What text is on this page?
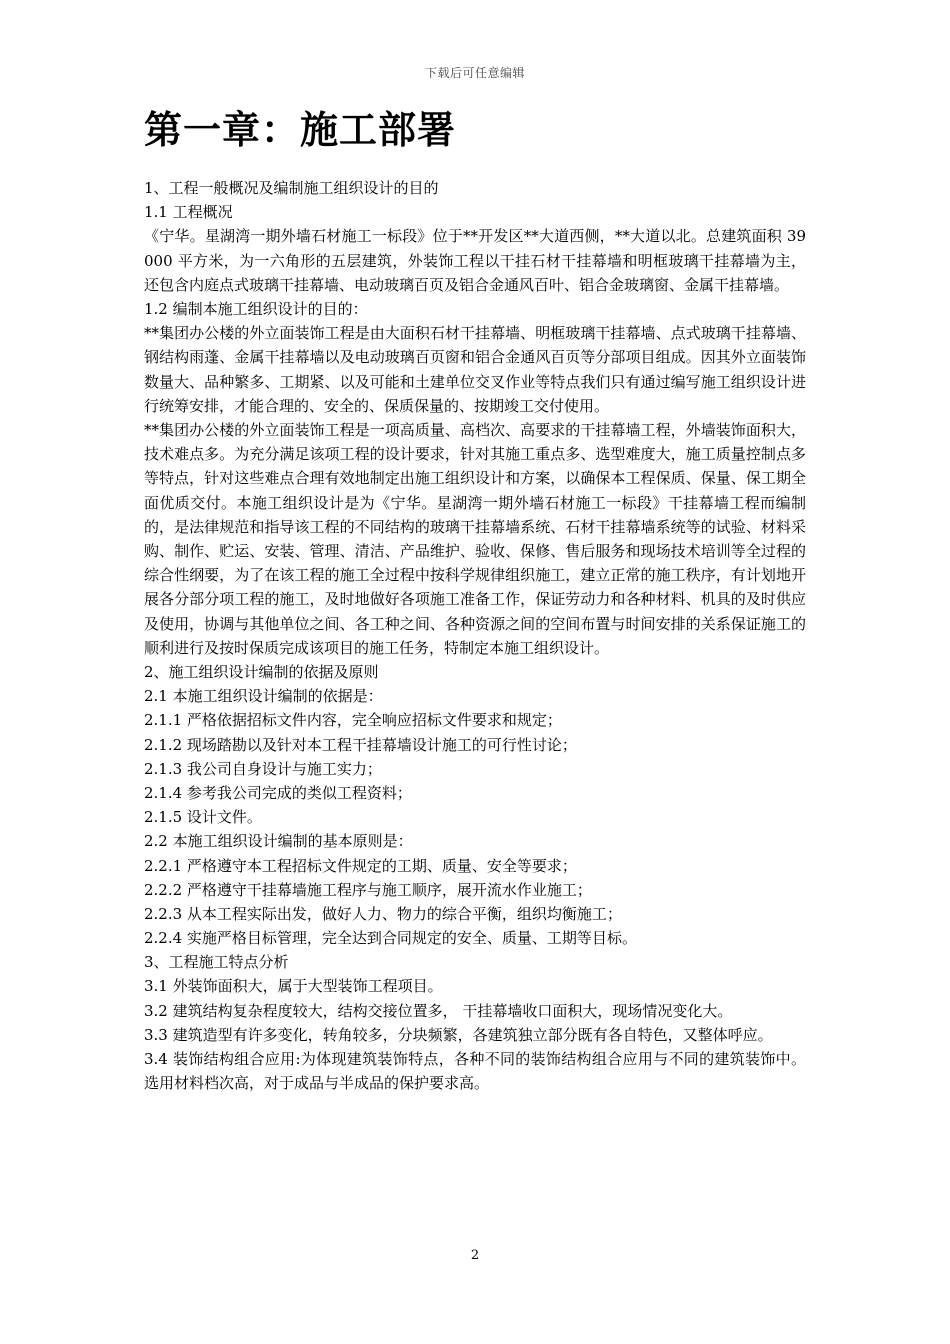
下载后可任意编辑
第一章：施工部署

1、工程一般概况及编制施工组织设计的目的

1.1 工程概况

《宁华。星湖湾一期外墙石材施工一标段》位于**开发区**大道西侧，**大道以北。总建筑面积 39000 平方米，为一六角形的五层建筑，外装饰工程以干挂石材干挂幕墙和明框玻璃干挂幕墙为主，还包含内庭点式玻璃干挂幕墙、电动玻璃百页及铝合金通风百叶、铝合金玻璃窗、金属干挂幕墙。

1.2 编制本施工组织设计的目的：

**集团办公楼的外立面装饰工程是由大面积石材干挂幕墙、明框玻璃干挂幕墙、点式玻璃干挂幕墙、钢结构雨蓬、金属干挂幕墙以及电动玻璃百页窗和铝合金通风百页等分部项目组成。因其外立面装饰数量大、品种繁多、工期紧、以及可能和土建单位交叉作业等特点我们只有通过编写施工组织设计进行统筹安排，才能合理的、安全的、保质保量的、按期竣工交付使用。

**集团办公楼的外立面装饰工程是一项高质量、高档次、高要求的干挂幕墙工程，外墙装饰面积大，技术难点多。为充分满足该项工程的设计要求，针对其施工重点多、选型难度大，施工质量控制点多等特点，针对这些难点合理有效地制定出施工组织设计和方案，以确保本工程保质、保量、保工期全面优质交付。本施工组织设计是为《宁华。星湖湾一期外墙石材施工一标段》干挂幕墙工程而编制的，是法律规范和指导该工程的不同结构的玻璃干挂幕墙系统、石材干挂幕墙系统等的试验、材料采购、制作、贮运、安装、管理、清洁、产品维护、验收、保修、售后服务和现场技术培训等全过程的综合性纲要，为了在该工程的施工全过程中按科学规律组织施工，建立正常的施工秩序，有计划地开展各分部分项工程的施工，及时地做好各项施工准备工作，保证劳动力和各种材料、机具的及时供应及使用，协调与其他单位之间、各工种之间、各种资源之间的空间布置与时间安排的关系保证施工的顺利进行及按时保质完成该项目的施工任务，特制定本施工组织设计。

2、施工组织设计编制的依据及原则

2.1 本施工组织设计编制的依据是：

2.1.1 严格依据招标文件内容，完全响应招标文件要求和规定；

2.1.2 现场踏勘以及针对本工程干挂幕墙设计施工的可行性讨论；

2.1.3 我公司自身设计与施工实力；

2.1.4 参考我公司完成的类似工程资料；

2.1.5 设计文件。

2.2 本施工组织设计编制的基本原则是：

2.2.1 严格遵守本工程招标文件规定的工期、质量、安全等要求；

2.2.2 严格遵守干挂幕墙施工程序与施工顺序，展开流水作业施工；

2.2.3 从本工程实际出发，做好人力、物力的综合平衡，组织均衡施工；

2.2.4 实施严格目标管理，完全达到合同规定的安全、质量、工期等目标。

3、工程施工特点分析

3.1 外装饰面积大，属于大型装饰工程项目。

3.2 建筑结构复杂程度较大，结构交接位置多， 干挂幕墙收口面积大，现场情况变化大。

3.3 建筑造型有许多变化，转角较多，分块频繁，各建筑独立部分既有各自特色，又整体呼应。

3.4 装饰结构组合应用:为体现建筑装饰特点，各种不同的装饰结构组合应用与不同的建筑装饰中。选用材料档次高，对于成品与半成品的保护要求高。

2
